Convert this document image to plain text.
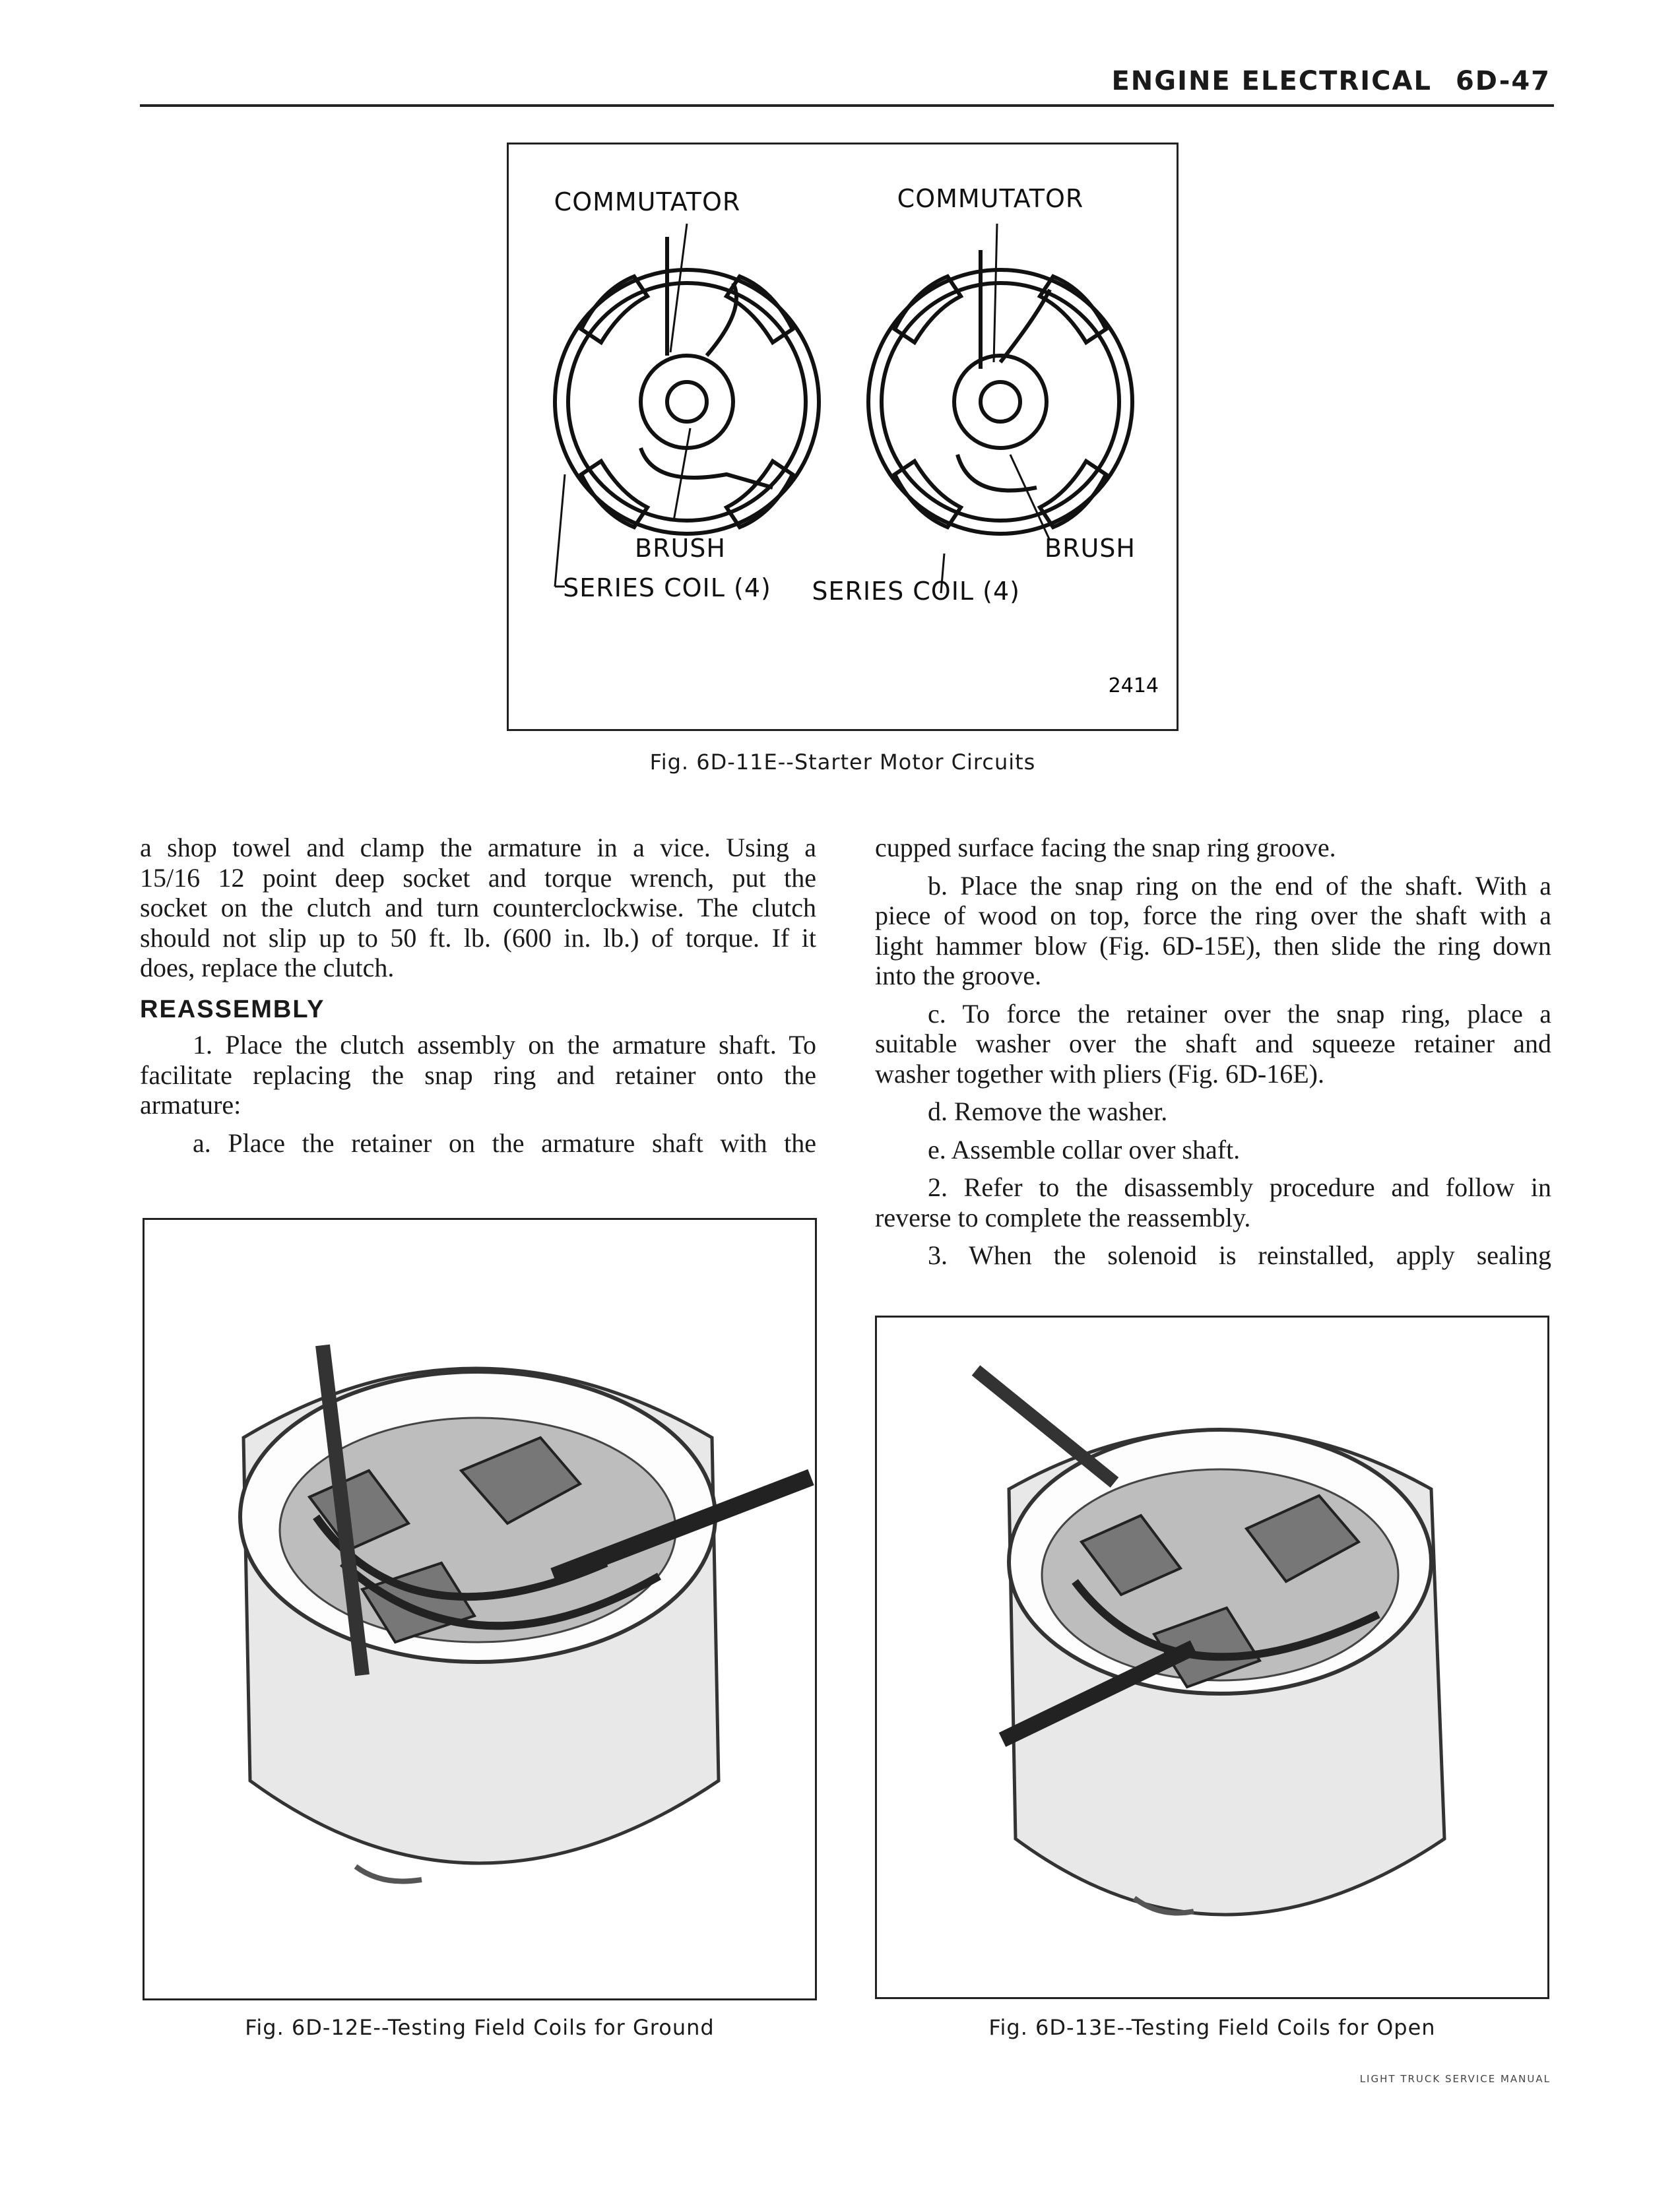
ENGINE ELECTRICAL 6D-47
COMMUTATOR	COMMUTATOR
BRUSH
SERIES COIL (4)
BRUSH
SERIES COIL (4)
2414
Fig. 6D-11E--Starter Motor Circuits
a shop towel and clamp the armature in a vice. Using a
15/16 12 point deep socket and torque wrench, put the
socket on the clutch and turn counterclockwise. The clutch
should not slip up to 50 ft. lb. (600 in. lb.) of torque. If it
does, replace the clutch.
REASSEMBLY
1. Place the clutch assembly on the armature shaft. To
facilitate replacing the snap ring and retainer onto the
armature:
a. Place the retainer on the armature shaft with the
cupped surface facing the snap ring groove.
b. Place the snap ring on the end of the shaft. With a
piece of wood on top, force the ring over the shaft with a
light hammer blow (Fig. 6D-15E), then slide the ring down
into the groove.
c. To force the retainer over the snap ring, place a
suitable washer over the shaft and squeeze retainer and
washer together with pliers (Fig. 6D-16E).
d. Remove the washer.
e. Assemble collar over shaft.
2. Refer to the disassembly procedure and follow in
reverse to complete the reassembly.
3. When the solenoid is reinstalled, apply sealing
Fig. 6D-12E--Testing Field Coils for Ground	Fig. 6D-13E--Testing Field Coils for Open
LIGHT TRUCK SERVICE MANUAL
